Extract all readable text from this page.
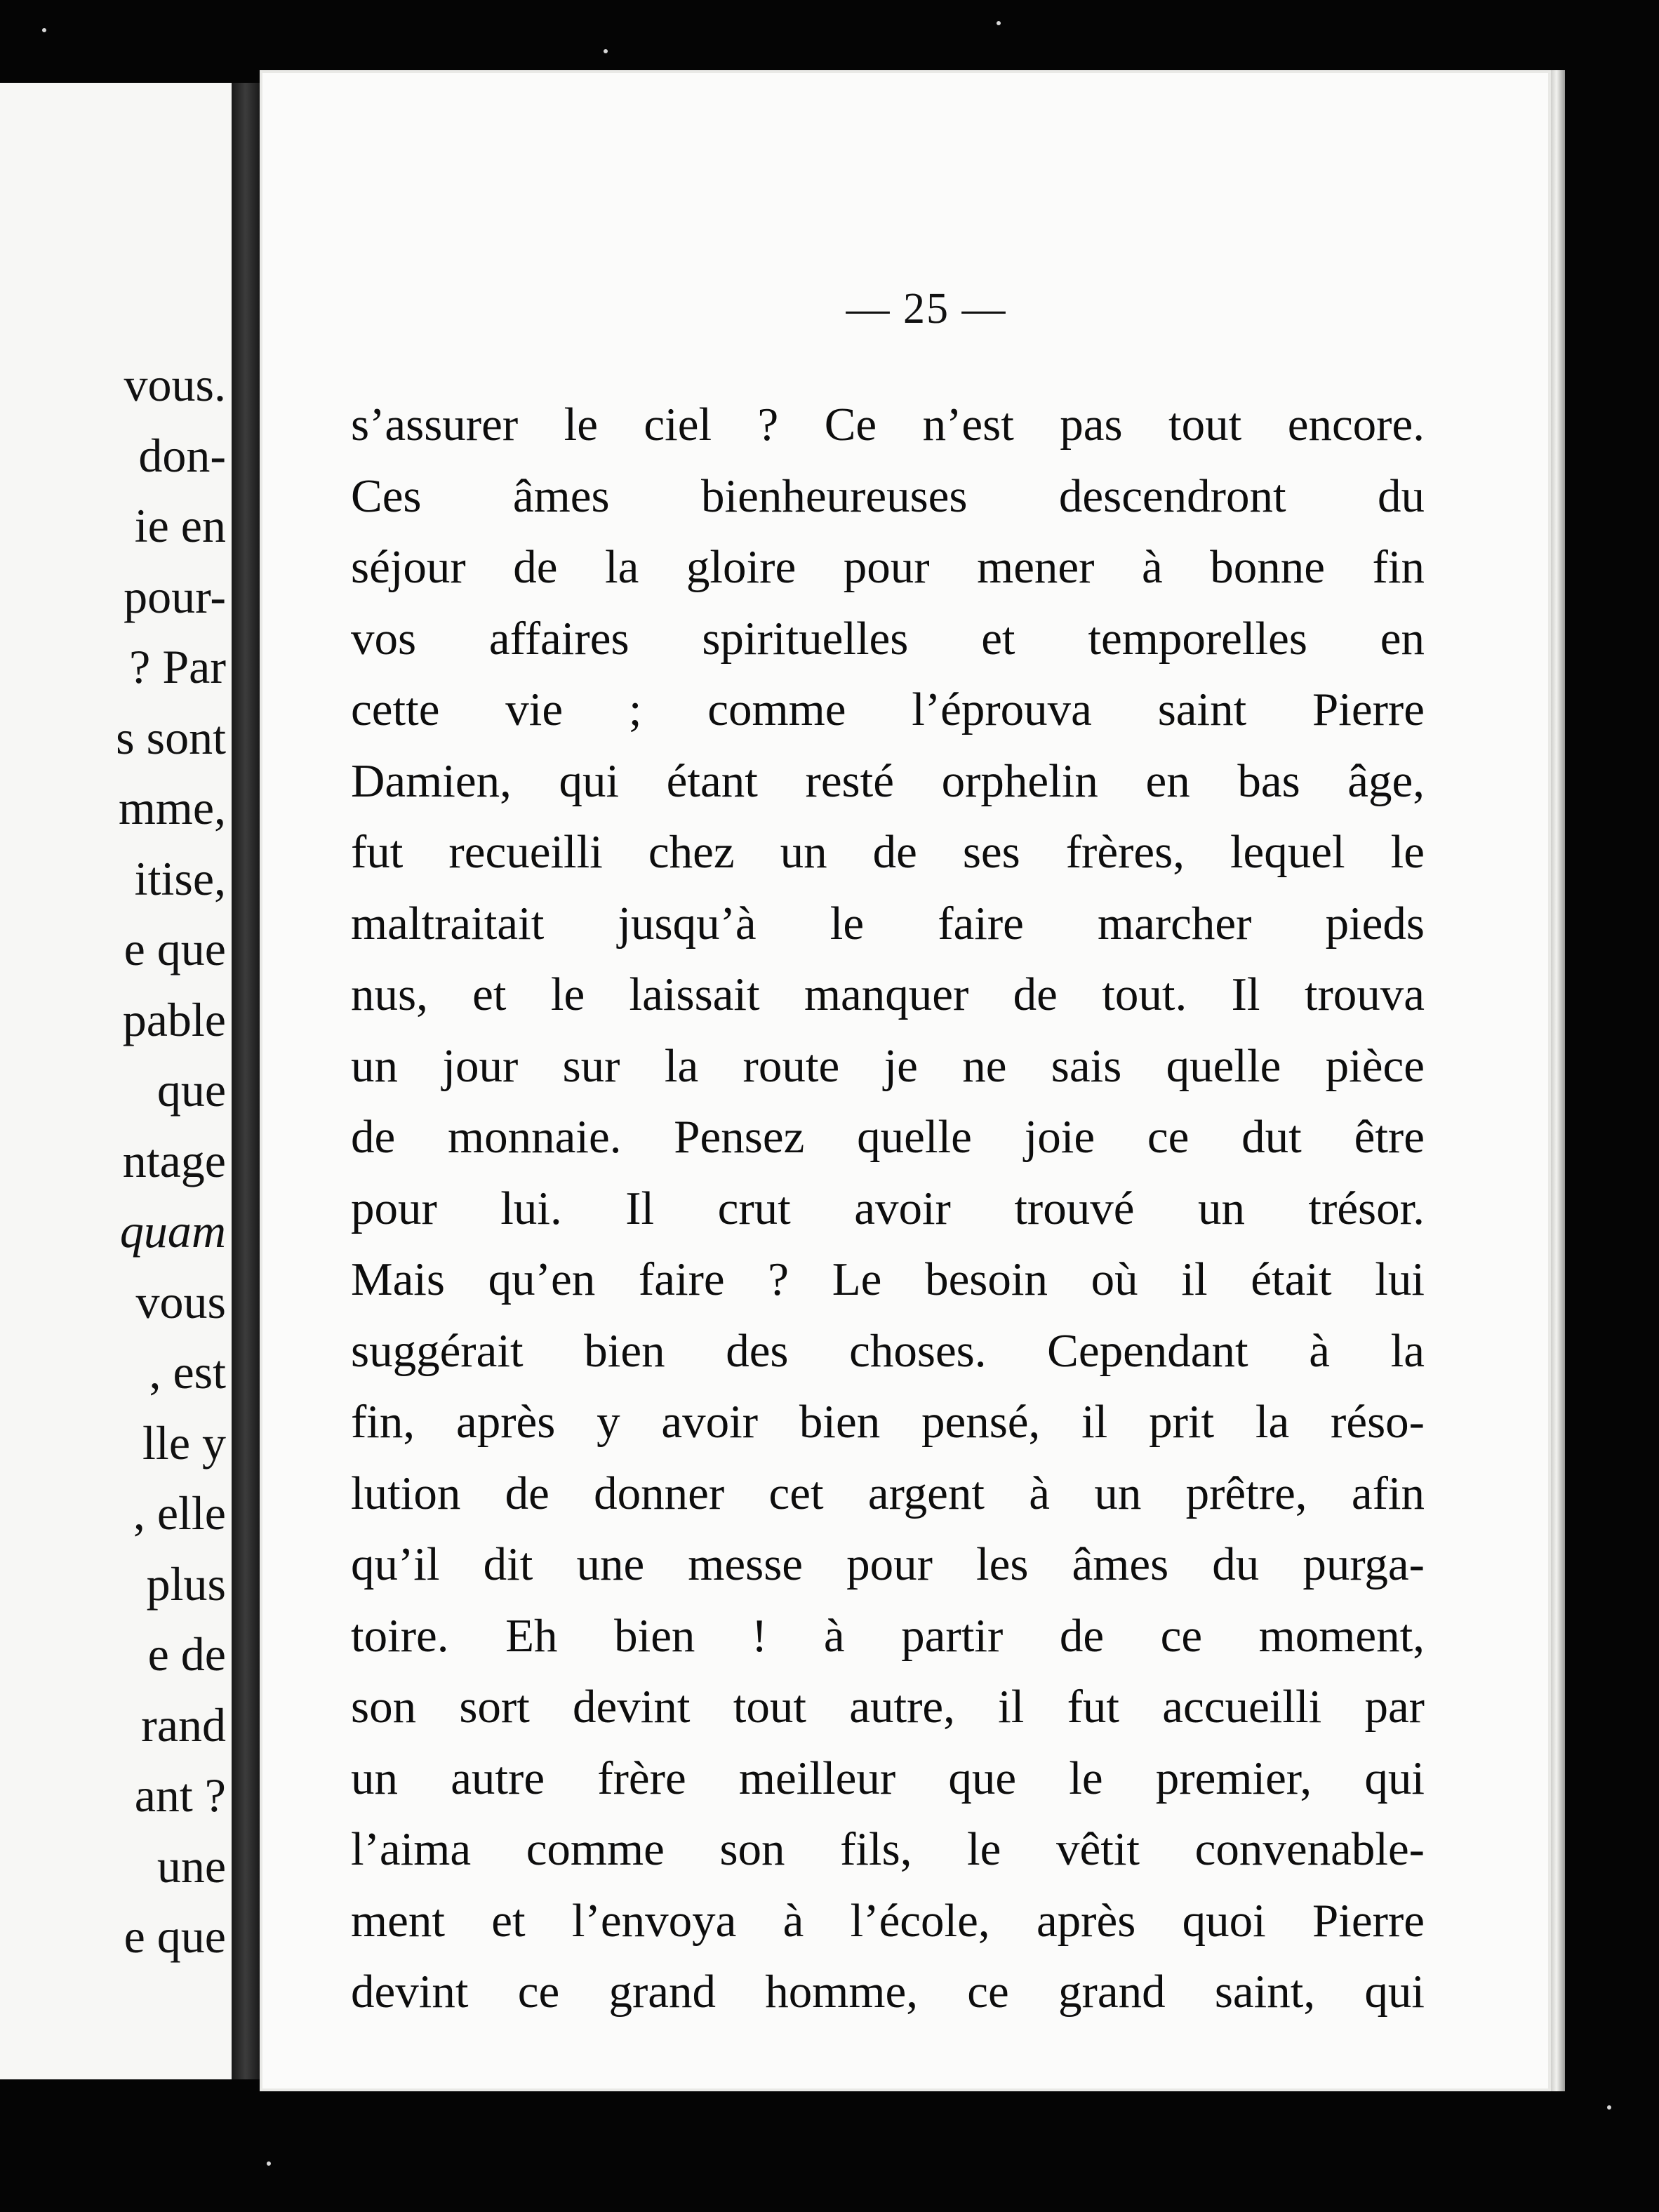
vous.
don-
ie en
pour-
? Par
s sont
mme,
itise,
e que
pable
que
ntage
quam
vous
, est
lle y
, elle
plus
e de
rand
ant ?
une
e que
— 25 —
s’assurer le ciel ? Ce n’est pas tout encore.
Ces âmes bienheureuses descendront du
séjour de la gloire pour mener à bonne fin
vos affaires spirituelles et temporelles en
cette vie ; comme l’éprouva saint Pierre
Damien, qui étant resté orphelin en bas âge,
fut recueilli chez un de ses frères, lequel le
maltraitait jusqu’à le faire marcher pieds
nus, et le laissait manquer de tout. Il trouva
un jour sur la route je ne sais quelle pièce
de monnaie. Pensez quelle joie ce dut être
pour lui. Il crut avoir trouvé un trésor.
Mais qu’en faire ? Le besoin où il était lui
suggérait bien des choses. Cependant à la
fin, après y avoir bien pensé, il prit la réso-
lution de donner cet argent à un prêtre, afin
qu’il dit une messe pour les âmes du purga-
toire. Eh bien ! à partir de ce moment,
son sort devint tout autre, il fut accueilli par
un autre frère meilleur que le premier, qui
l’aima comme son fils, le vêtit convenable-
ment et l’envoya à l’école, après quoi Pierre
devint ce grand homme, ce grand saint, qui
